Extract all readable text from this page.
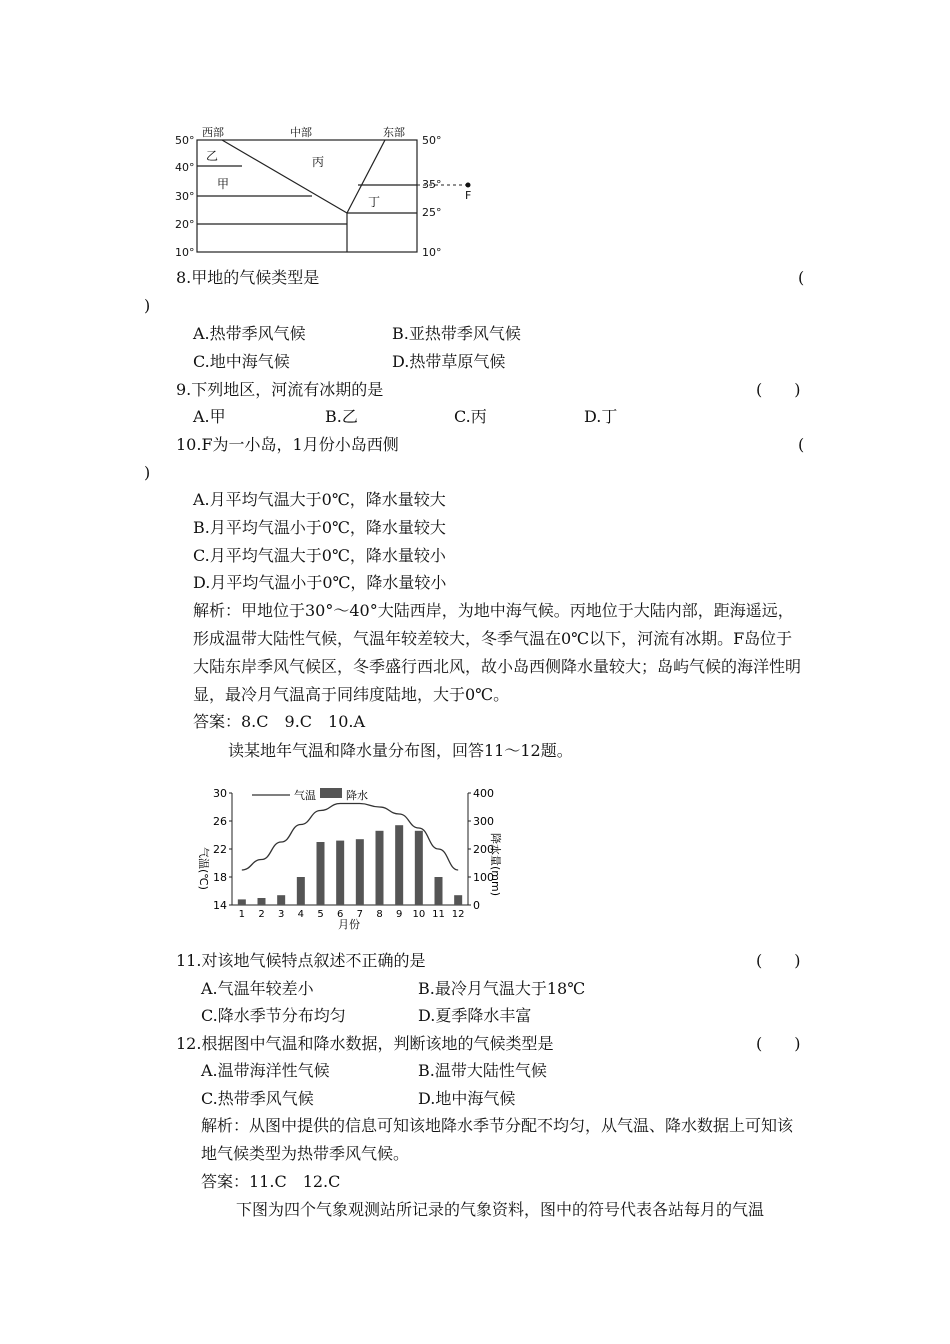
西部	中部	东部
50°
40°
30°
20°
10°
50°
35°
25°
10°
F
乙
甲
丙
丁
8.甲地的气候类型是	(
)
A.热带季风气候	B.亚热带季风气候
C.地中海气候	D.热带草原气候
9.下列地区，河流有冰期的是	(　　)
A.甲	B.乙	C.丙	D.丁
10.F为一小岛，1月份小岛西侧	(
)
A.月平均气温大于0℃，降水量较大
B.月平均气温小于0℃，降水量较大
C.月平均气温大于0℃，降水量较小
D.月平均气温小于0℃，降水量较小
解析：甲地位于30°～40°大陆西岸，为地中海气候。丙地位于大陆内部，距海遥远，形成温带大陆性气候，气温年较差较大，冬季气温在0℃以下，河流有冰期。F岛位于大陆东岸季风气候区，冬季盛行西北风，故小岛西侧降水量较大；岛屿气候的海洋性明显，最冷月气温高于同纬度陆地，大于0℃。
答案：8.C　9.C　10.A
读某地年气温和降水量分布图，回答11～12题。
气温	降水
气温(℃)	降水量(mm)
月份
30
26
22
18
14
400
300
200
100
0
1 2 3 4 5 6 7 8 9 10 11 12
11.对该地气候特点叙述不正确的是	(　　)
A.气温年较差小	B.最冷月气温大于18℃
C.降水季节分布均匀	D.夏季降水丰富
12.根据图中气温和降水数据，判断该地的气候类型是	(　　)
A.温带海洋性气候	B.温带大陆性气候
C.热带季风气候	D.地中海气候
解析：从图中提供的信息可知该地降水季节分配不均匀，从气温、降水数据上可知该地气候类型为热带季风气候。
答案：11.C　12.C
下图为四个气象观测站所记录的气象资料，图中的符号代表各站每月的气温
